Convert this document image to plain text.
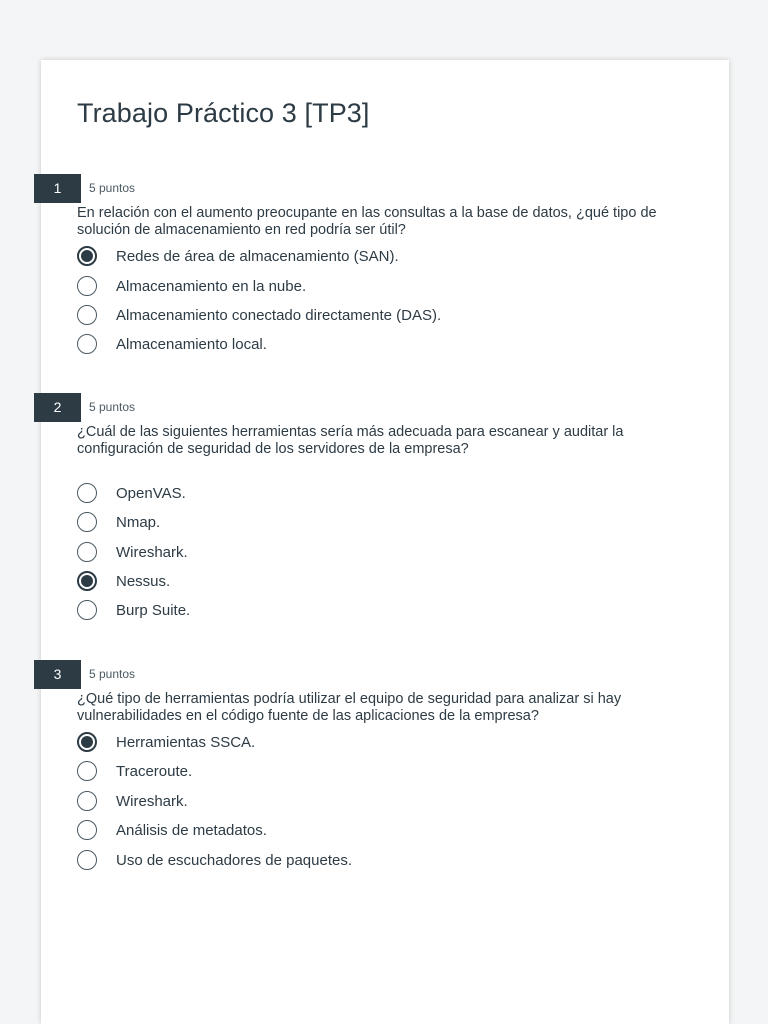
Trabajo Práctico 3 [TP3]
1	5 puntos
En relación con el aumento preocupante en las consultas a la base de datos, ¿qué tipo de solución de almacenamiento en red podría ser útil?
Redes de área de almacenamiento (SAN).
Almacenamiento en la nube.
Almacenamiento conectado directamente (DAS).
Almacenamiento local.
2	5 puntos
¿Cuál de las siguientes herramientas sería más adecuada para escanear y auditar la configuración de seguridad de los servidores de la empresa?
OpenVAS.
Nmap.
Wireshark.
Nessus.
Burp Suite.
3	5 puntos
¿Qué tipo de herramientas podría utilizar el equipo de seguridad para analizar si hay vulnerabilidades en el código fuente de las aplicaciones de la empresa?
Herramientas SSCA.
Traceroute.
Wireshark.
Análisis de metadatos.
Uso de escuchadores de paquetes.
